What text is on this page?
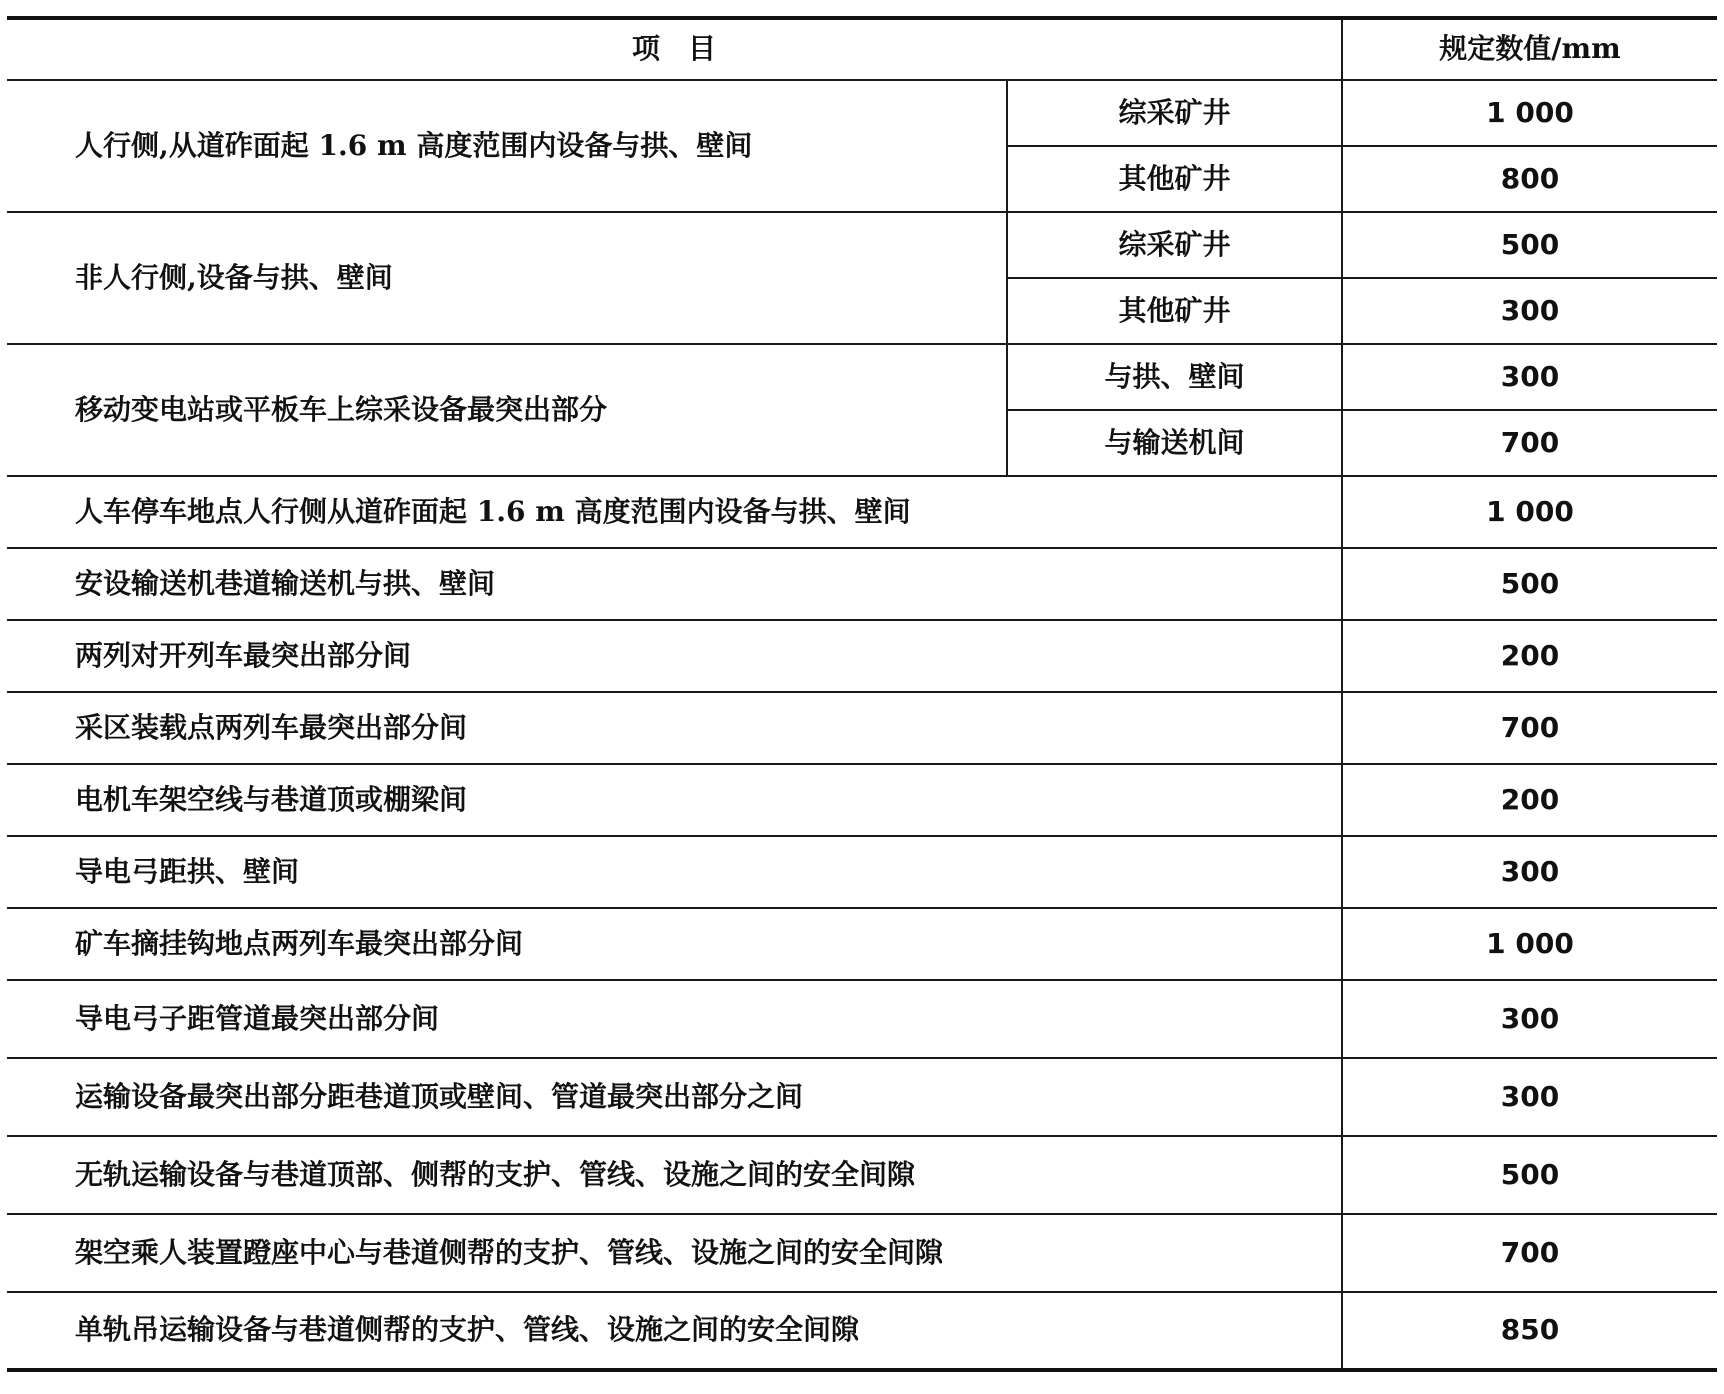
项　目		规定数值/mm
人行侧,从道砟面起 1.6 m 高度范围内设备与拱、壁间	综采矿井	1 000
	其他矿井	800
非人行侧,设备与拱、壁间	综采矿井	500
	其他矿井	300
移动变电站或平板车上综采设备最突出部分	与拱、壁间	300
	与输送机间	700
人车停车地点人行侧从道砟面起 1.6 m 高度范围内设备与拱、壁间		1 000
安设输送机巷道输送机与拱、壁间		500
两列对开列车最突出部分间		200
采区装载点两列车最突出部分间		700
电机车架空线与巷道顶或棚梁间		200
导电弓距拱、壁间		300
矿车摘挂钩地点两列车最突出部分间		1 000
导电弓子距管道最突出部分间		300
运输设备最突出部分距巷道顶或壁间、管道最突出部分之间		300
无轨运输设备与巷道顶部、侧帮的支护、管线、设施之间的安全间隙		500
架空乘人装置蹬座中心与巷道侧帮的支护、管线、设施之间的安全间隙		700
单轨吊运输设备与巷道侧帮的支护、管线、设施之间的安全间隙		850
